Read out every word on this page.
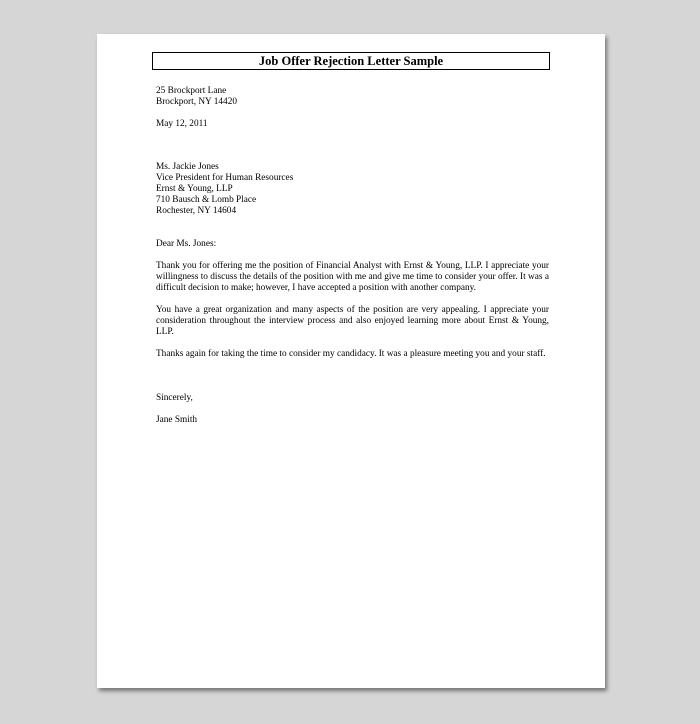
Job Offer Rejection Letter Sample
25 Brockport Lane
Brockport, NY 14420
May 12, 2011
Ms. Jackie Jones
Vice President for Human Resources
Ernst & Young, LLP
710 Bausch & Lomb Place
Rochester, NY 14604
Dear Ms. Jones:
Thank you for offering me the position of Financial Analyst with Ernst & Young, LLP. I appreciate your willingness to discuss the details of the position with me and give me time to consider your offer. It was a difficult decision to make; however, I have accepted a position with another company.
You have a great organization and many aspects of the position are very appealing. I appreciate your consideration throughout the interview process and also enjoyed learning more about Ernst & Young, LLP.
Thanks again for taking the time to consider my candidacy. It was a pleasure meeting you and your staff.
Sincerely,
Jane Smith
